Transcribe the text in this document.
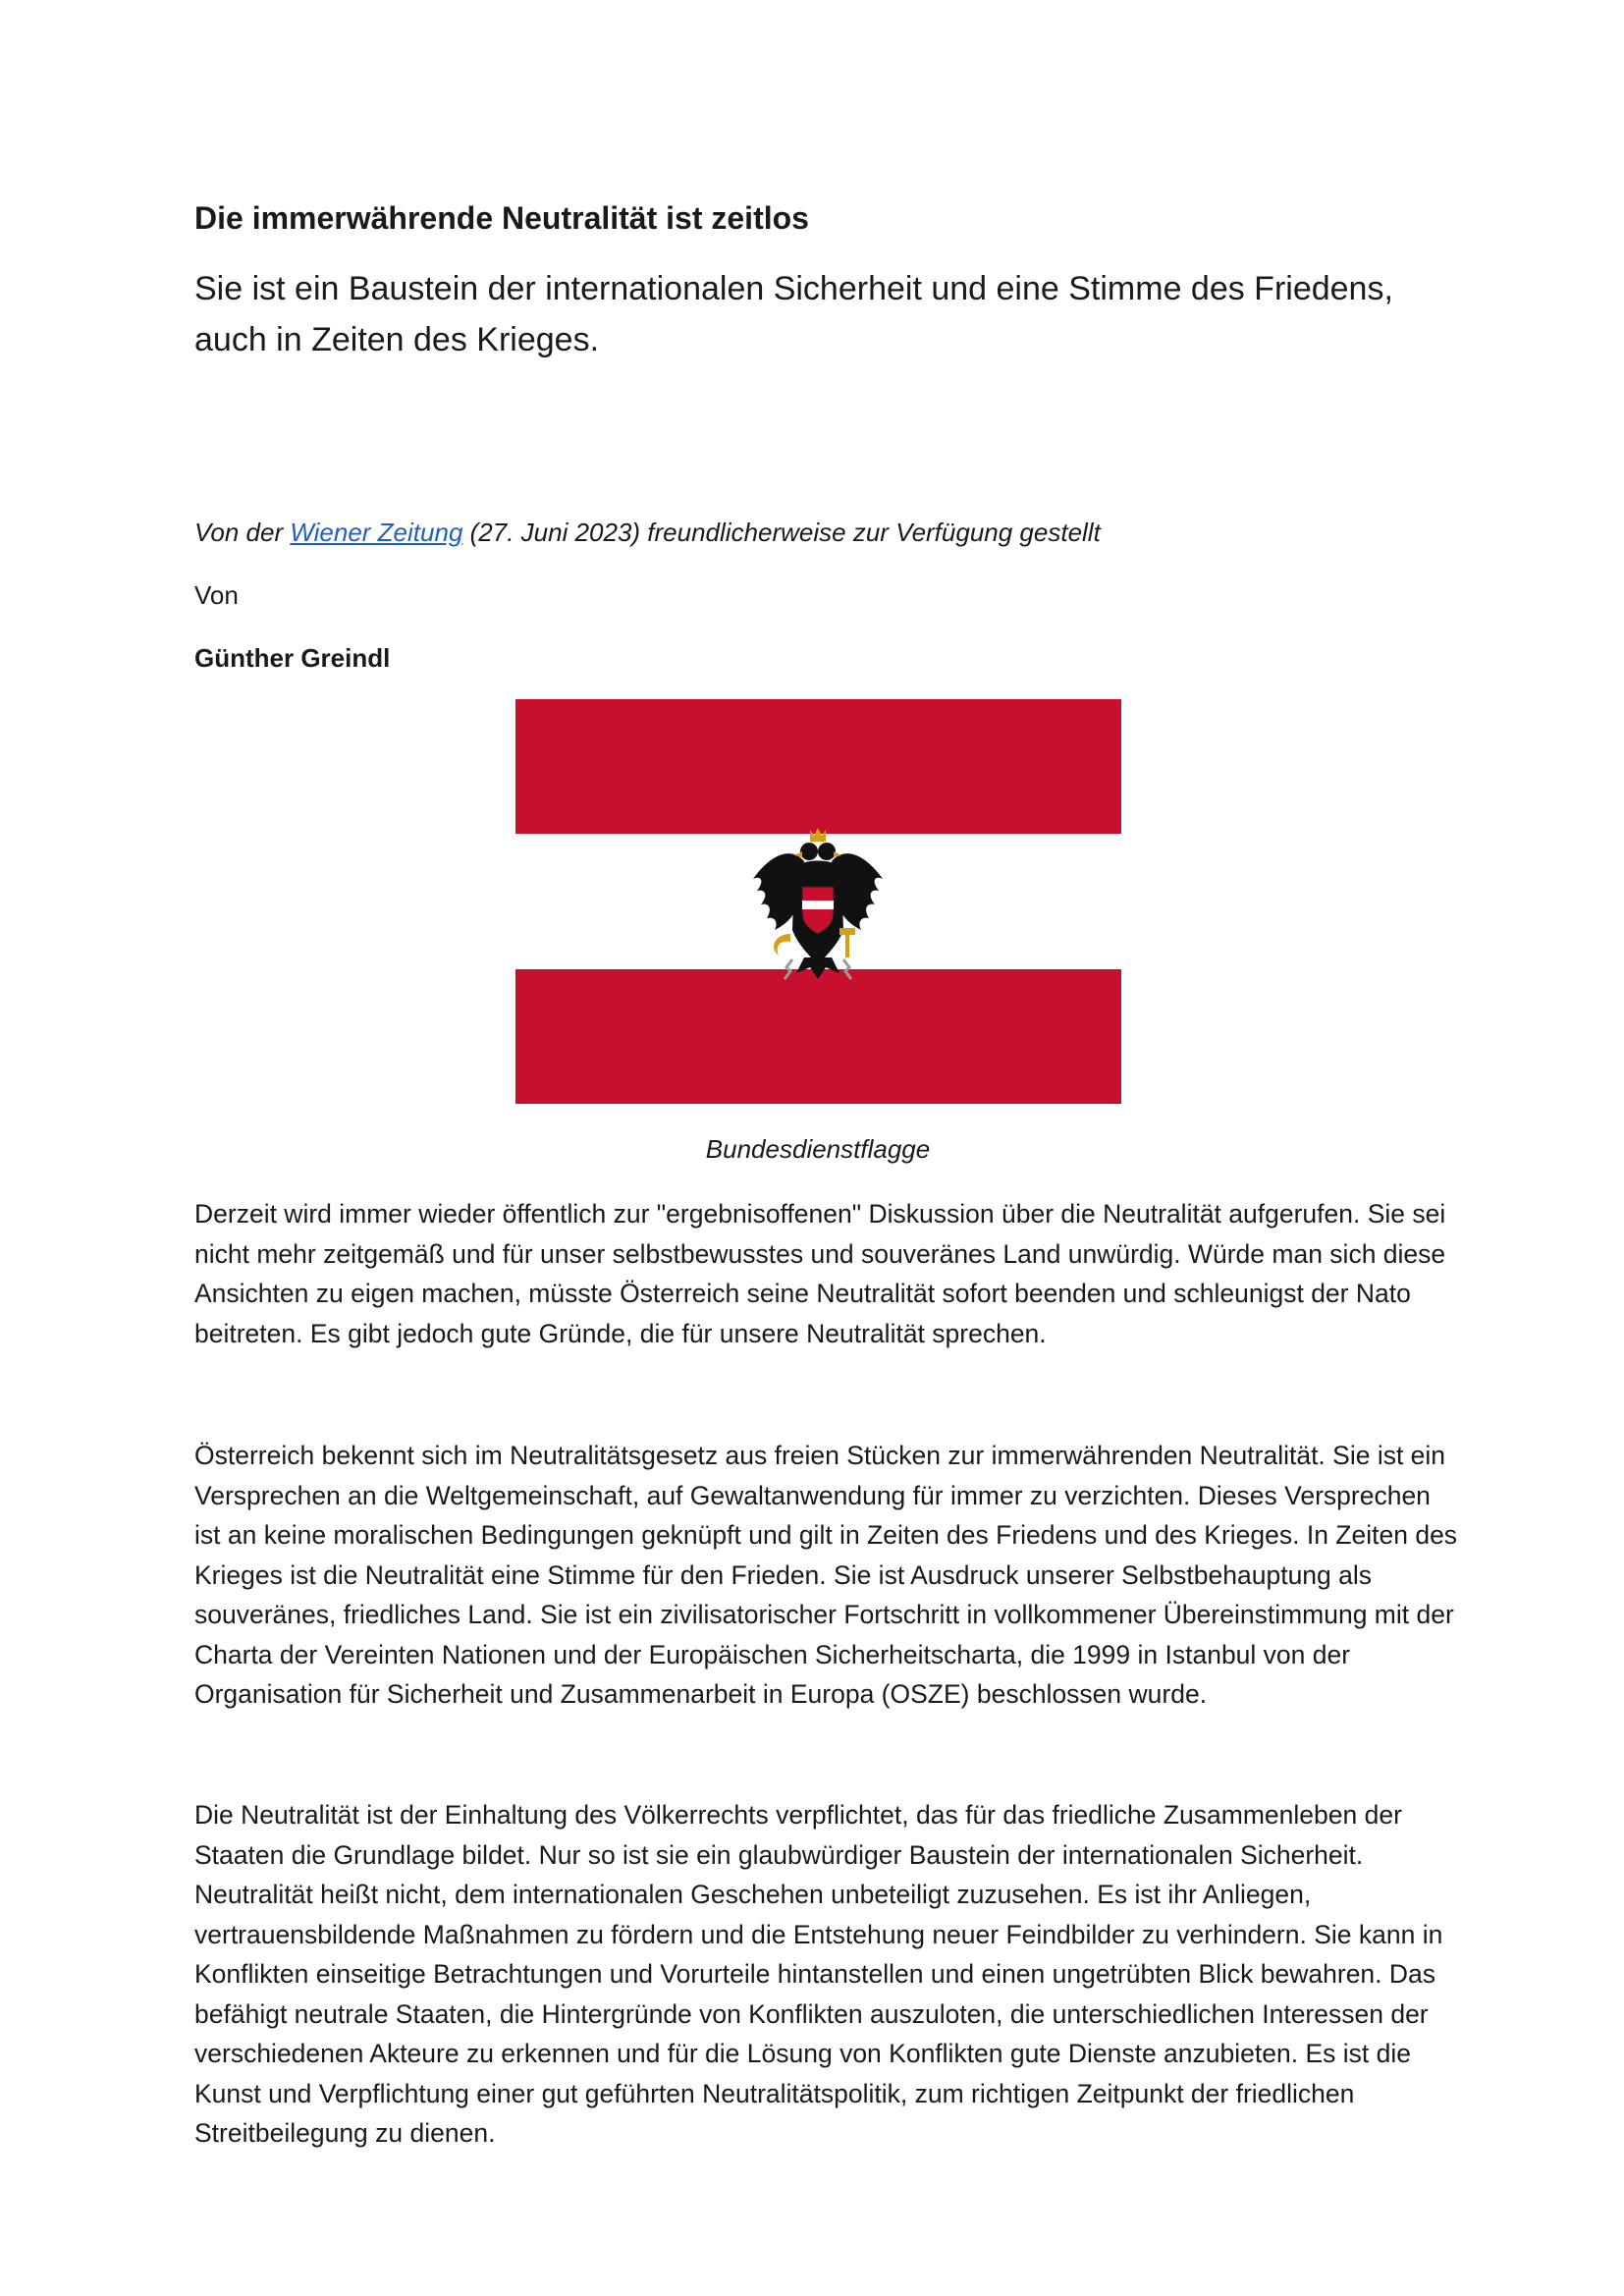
Die immerwährende Neutralität ist zeitlos

Sie ist ein Baustein der internationalen Sicherheit und eine Stimme des Friedens, auch in Zeiten des Krieges.

Von der Wiener Zeitung (27. Juni 2023) freundlicherweise zur Verfügung gestellt
Von
Günther Greindl
Bundesdienstflagge

Derzeit wird immer wieder öffentlich zur "ergebnisoffenen" Diskussion über die Neutralität aufgerufen. Sie sei nicht mehr zeitgemäß und für unser selbstbewusstes und souveränes Land unwürdig. Würde man sich diese Ansichten zu eigen machen, müsste Österreich seine Neutralität sofort beenden und schleunigst der Nato beitreten. Es gibt jedoch gute Gründe, die für unsere Neutralität sprechen.

Österreich bekennt sich im Neutralitätsgesetz aus freien Stücken zur immerwährenden Neutralität. Sie ist ein Versprechen an die Weltgemeinschaft, auf Gewaltanwendung für immer zu verzichten. Dieses Versprechen ist an keine moralischen Bedingungen geknüpft und gilt in Zeiten des Friedens und des Krieges. In Zeiten des Krieges ist die Neutralität eine Stimme für den Frieden. Sie ist Ausdruck unserer Selbstbehauptung als souveränes, friedliches Land. Sie ist ein zivilisatorischer Fortschritt in vollkommener Übereinstimmung mit der Charta der Vereinten Nationen und der Europäischen Sicherheitscharta, die 1999 in Istanbul von der Organisation für Sicherheit und Zusammenarbeit in Europa (OSZE) beschlossen wurde.

Die Neutralität ist der Einhaltung des Völkerrechts verpflichtet, das für das friedliche Zusammenleben der Staaten die Grundlage bildet. Nur so ist sie ein glaubwürdiger Baustein der internationalen Sicherheit. Neutralität heißt nicht, dem internationalen Geschehen unbeteiligt zuzusehen. Es ist ihr Anliegen, vertrauensbildende Maßnahmen zu fördern und die Entstehung neuer Feindbilder zu verhindern. Sie kann in Konflikten einseitige Betrachtungen und Vorurteile hintanstellen und einen ungetrübten Blick bewahren. Das befähigt neutrale Staaten, die Hintergründe von Konflikten auszuloten, die unterschiedlichen Interessen der verschiedenen Akteure zu erkennen und für die Lösung von Konflikten gute Dienste anzubieten. Es ist die Kunst und Verpflichtung einer gut geführten Neutralitätspolitik, zum richtigen Zeitpunkt der friedlichen Streitbeilegung zu dienen.
